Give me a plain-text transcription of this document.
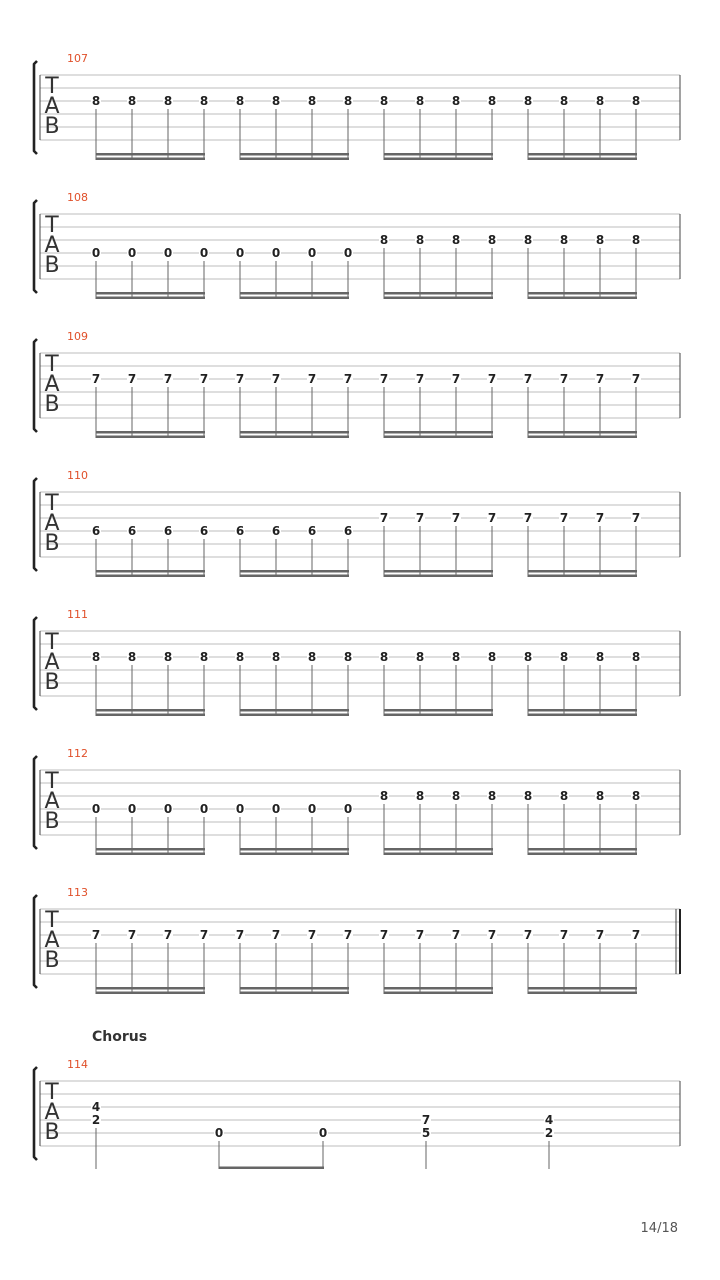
107
T
A
B
8 8 8 8 8 8 8 8 8 8 8 8 8 8 8 8
108
T
A
B	0 0 0 0 0 0 0 0
8 8 8 8 8 8 8 8
109
T
A
B
7 7 7 7 7 7 7 7 7 7 7 7 7 7 7 7
110
T
A
B	6 6 6 6 6 6 6 6
7 7 7 7 7 7 7 7
111
T
A
B
8 8 8 8 8 8 8 8 8 8 8 8 8 8 8 8
112
T
A
B	0 0 0 0 0 0 0 0
8 8 8 8 8 8 8 8
113
T
A
B
7 7 7 7 7 7 7 7 7 7 7 7 7 7 7 7
Chorus
114
T
A
B
4
2
0	0
7
5
4
2
14/18
